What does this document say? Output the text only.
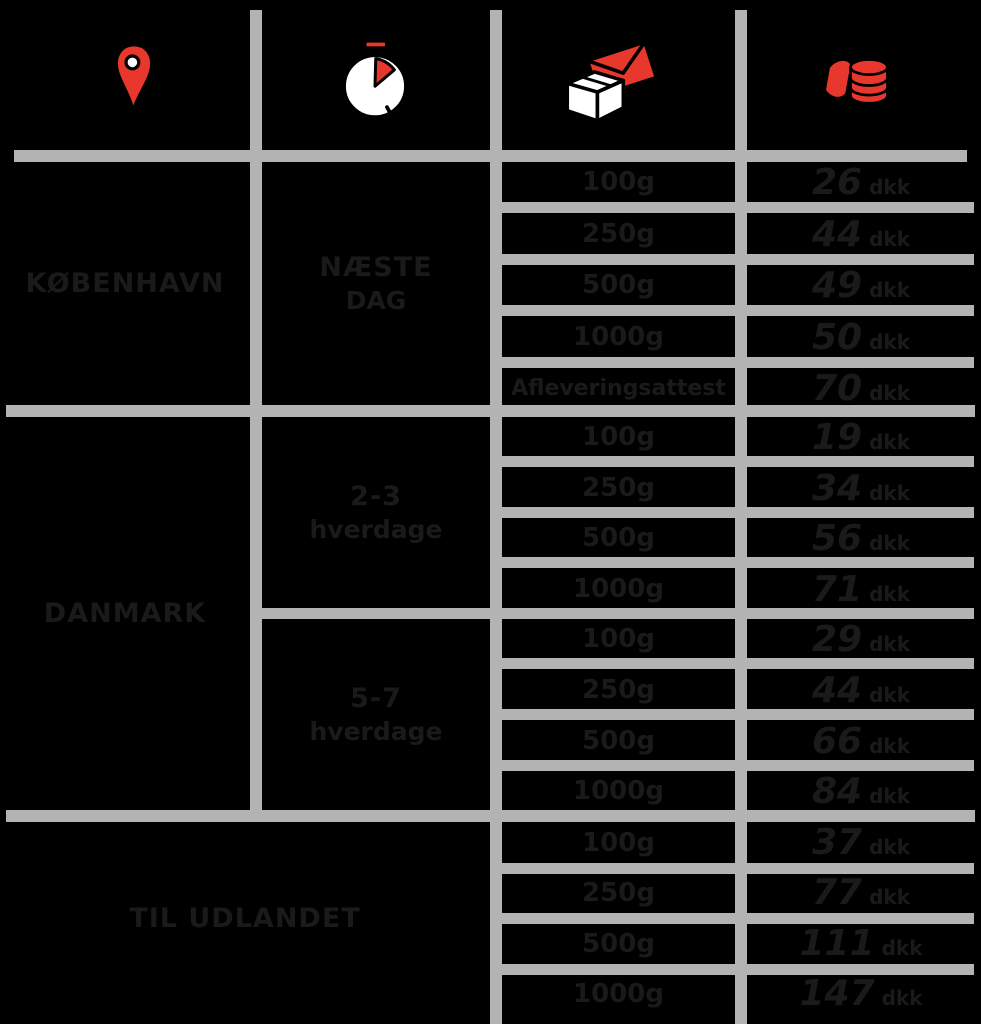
KØBENHAVN
NÆSTE
DAG
100g
250g
500g
1000g
Afleveringsattest
26 dkk
44 dkk
49 dkk
50 dkk
70 dkk
DANMARK
2-3
hverdage
5-7
hverdage
100g
250g
500g
1000g
100g
250g
500g
1000g
19 dkk
34 dkk
56 dkk
71 dkk
29 dkk
44 dkk
66 dkk
84 dkk
TIL UDLANDET
100g
250g
500g
1000g
37 dkk
77 dkk
111 dkk
147 dkk
